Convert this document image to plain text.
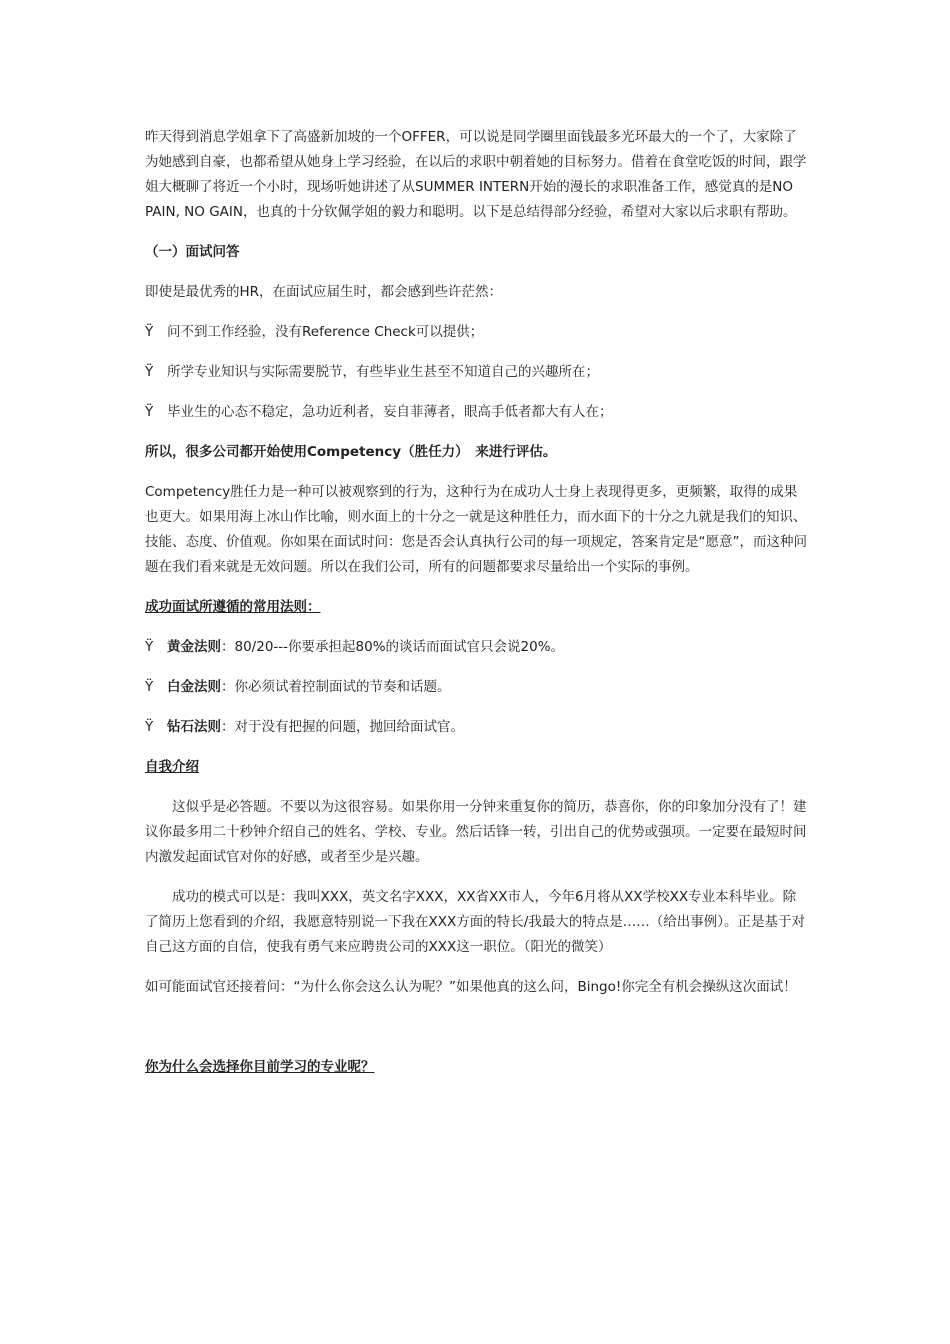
昨天得到消息学姐拿下了高盛新加坡的一个OFFER，可以说是同学圈里面钱最多光环最大的一个了，大家除了为她感到自豪，也都希望从她身上学习经验，在以后的求职中朝着她的目标努力。借着在食堂吃饭的时间，跟学姐大概聊了将近一个小时，现场听她讲述了从SUMMER INTERN开始的漫长的求职准备工作，感觉真的是NO PAIN, NO GAIN，也真的十分钦佩学姐的毅力和聪明。以下是总结得部分经验，希望对大家以后求职有帮助。

（一）面试问答

即使是最优秀的HR，在面试应届生时，都会感到些许茫然：

Ÿ	问不到工作经验，没有Reference Check可以提供；

Ÿ	所学专业知识与实际需要脱节，有些毕业生甚至不知道自己的兴趣所在；

Ÿ	毕业生的心态不稳定，急功近利者，妄自菲薄者，眼高手低者都大有人在；

所以，很多公司都开始使用Competency（胜任力）　来进行评估。

Competency胜任力是一种可以被观察到的行为，这种行为在成功人士身上表现得更多，更频繁，取得的成果也更大。如果用海上冰山作比喻，则水面上的十分之一就是这种胜任力，而水面下的十分之九就是我们的知识、技能、态度、价值观。你如果在面试时问：您是否会认真执行公司的每一项规定，答案肯定是“愿意”，而这种问题在我们看来就是无效问题。所以在我们公司，所有的问题都要求尽量给出一个实际的事例。

成功面试所遵循的常用法则：

Ÿ	黄金法则：80/20---你要承担起80%的谈话而面试官只会说20%。

Ÿ	白金法则：你必须试着控制面试的节奏和话题。

Ÿ	钻石法则：对于没有把握的问题，抛回给面试官。

自我介绍

这似乎是必答题。不要以为这很容易。如果你用一分钟来重复你的简历，恭喜你，你的印象加分没有了！建议你最多用二十秒钟介绍自己的姓名、学校、专业。然后话锋一转，引出自己的优势或强项。一定要在最短时间内激发起面试官对你的好感，或者至少是兴趣。

成功的模式可以是：我叫XXX，英文名字XXX，XX省XX市人，今年6月将从XX学校XX专业本科毕业。除了简历上您看到的介绍，我愿意特别说一下我在XXX方面的特长/我最大的特点是……（给出事例）。正是基于对自己这方面的自信，使我有勇气来应聘贵公司的XXX这一职位。（阳光的微笑）

如可能面试官还接着问：“为什么你会这么认为呢？”如果他真的这么问，Bingo!你完全有机会操纵这次面试！

你为什么会选择你目前学习的专业呢？
